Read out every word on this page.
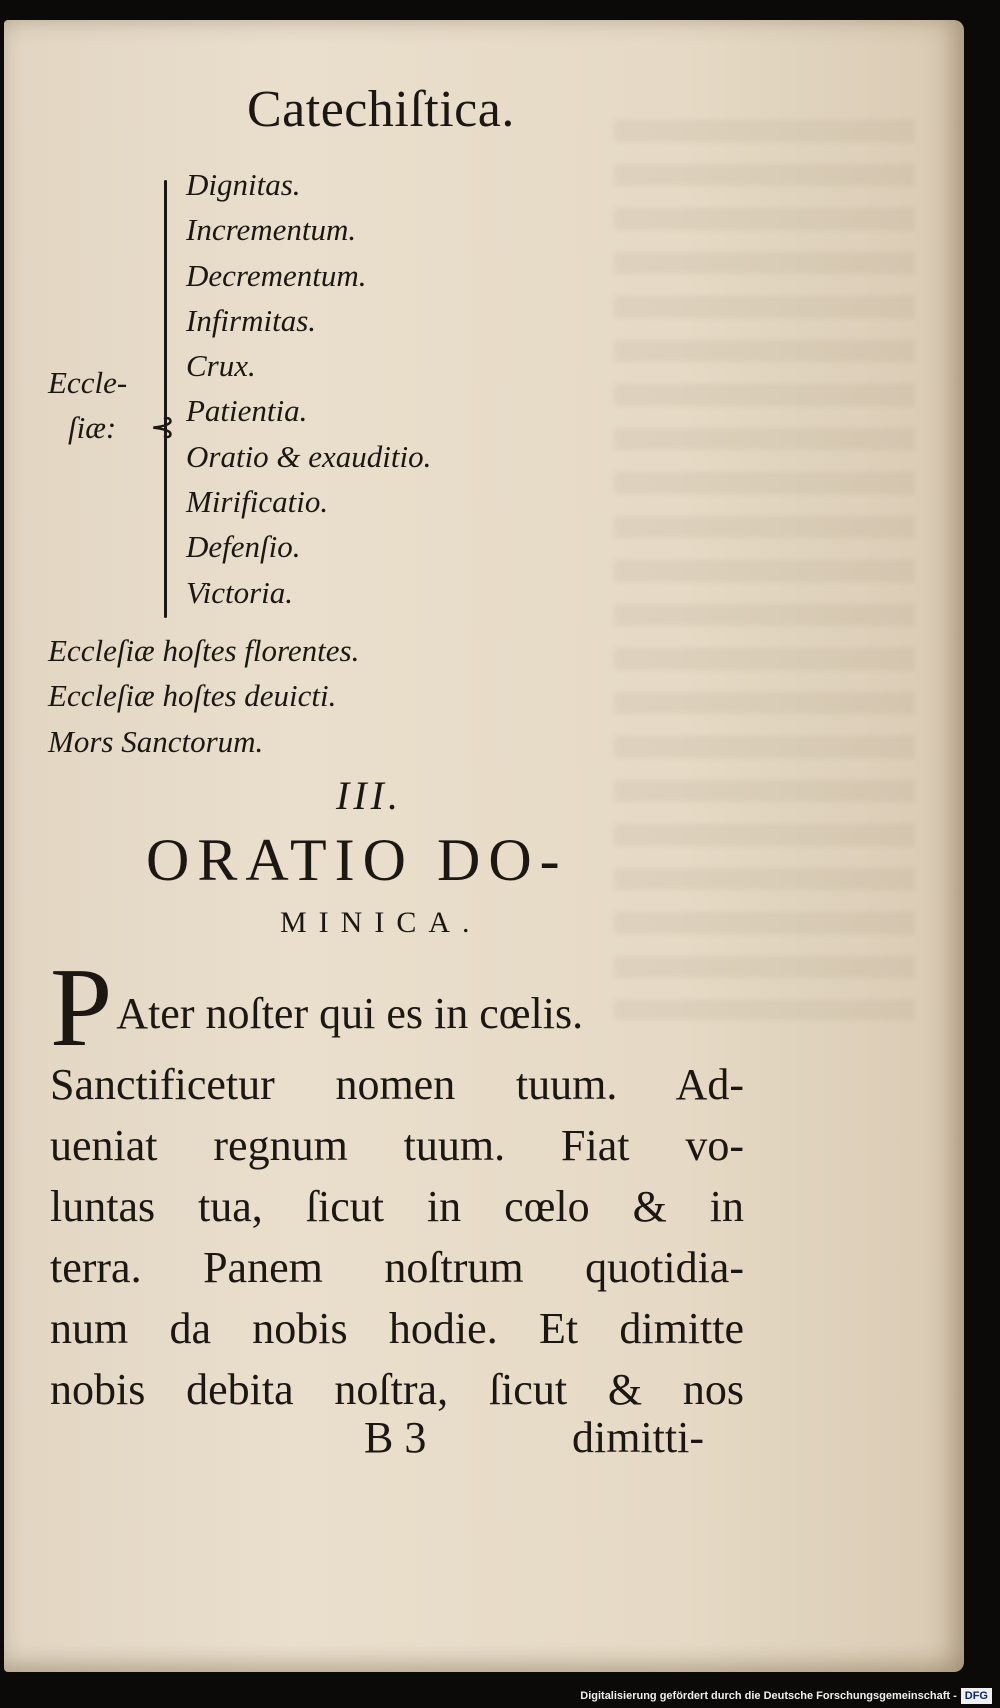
Catechiſtica.
⊰
Eccle-
ſiæ:
Dignitas.
Incrementum.
Decrementum.
Infirmitas.
Crux.
Patientia.
Oratio & exauditio.
Mirificatio.
Defenſio.
Victoria.
Eccleſiæ hoſtes florentes.
Eccleſiæ hoſtes deuicti.
Mors Sanctorum.
III.
ORATIO DO-
MINICA.
P Ater noſter qui es in cœlis.
Sanctificetur nomen tuum. Ad-
ueniat regnum tuum. Fiat vo-
luntas tua, ſicut in cœlo & in
terra. Panem noſtrum quotidia-
num da nobis hodie. Et dimitte
nobis debita noſtra, ſicut & nos
B 3	dimitti-
Digitalisierung gefördert durch die Deutsche Forschungsgemeinschaft - DFG
